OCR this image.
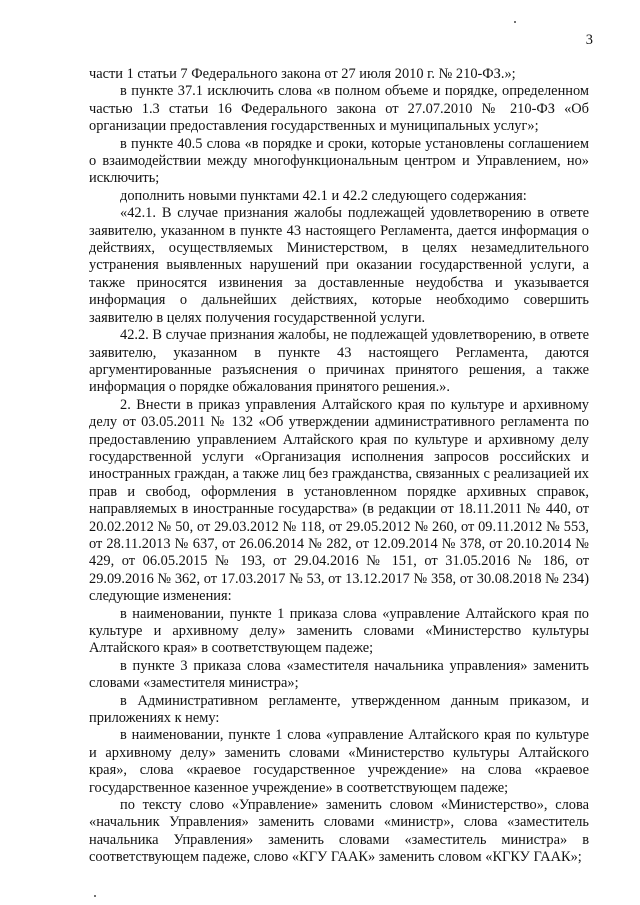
3

части 1 статьи 7 Федерального закона от 27 июля 2010 г. № 210-ФЗ.»;

в пункте 37.1 исключить слова «в полном объеме и порядке, определенном частью 1.3 статьи 16 Федерального закона от 27.07.2010 № 210-ФЗ «Об организации предоставления государственных и муниципальных услуг»;

в пункте 40.5 слова «в порядке и сроки, которые установлены соглашением о взаимодействии между многофункциональным центром и Управлением, но» исключить;

дополнить новыми пунктами 42.1 и 42.2 следующего содержания:

«42.1. В случае признания жалобы подлежащей удовлетворению в ответе заявителю, указанном в пункте 43 настоящего Регламента, дается информация о действиях, осуществляемых Министерством, в целях незамедлительного устранения выявленных нарушений при оказании государственной услуги, а также приносятся извинения за доставленные неудобства и указывается информация о дальнейших действиях, которые необходимо совершить заявителю в целях получения государственной услуги.

42.2. В случае признания жалобы, не подлежащей удовлетворению, в ответе заявителю, указанном в пункте 43 настоящего Регламента, даются аргументированные разъяснения о причинах принятого решения, а также информация о порядке обжалования принятого решения.».

2. Внести в приказ управления Алтайского края по культуре и архивному делу от 03.05.2011 № 132 «Об утверждении административного регламента по предоставлению управлением Алтайского края по культуре и архивному делу государственной услуги «Организация исполнения запросов российских и иностранных граждан, а также лиц без гражданства, связанных с реализацией их прав и свобод, оформления в установленном порядке архивных справок, направляемых в иностранные государства» (в редакции от 18.11.2011 № 440, от 20.02.2012 № 50, от 29.03.2012 № 118, от 29.05.2012 № 260, от 09.11.2012 № 553, от 28.11.2013 № 637, от 26.06.2014 № 282, от 12.09.2014 № 378, от 20.10.2014 № 429, от 06.05.2015 № 193, от 29.04.2016 № 151, от 31.05.2016 № 186, от 29.09.2016 № 362, от 17.03.2017 № 53, от 13.12.2017 № 358, от 30.08.2018 № 234) следующие изменения:

в наименовании, пункте 1 приказа слова «управление Алтайского края по культуре и архивному делу» заменить словами «Министерство культуры Алтайского края» в соответствующем падеже;

в пункте 3 приказа слова «заместителя начальника управления» заменить словами «заместителя министра»;

в Административном регламенте, утвержденном данным приказом, и приложениях к нему:

в наименовании, пункте 1 слова «управление Алтайского края по культуре и архивному делу» заменить словами «Министерство культуры Алтайского края», слова «краевое государственное учреждение» на слова «краевое государственное казенное учреждение» в соответствующем падеже;

по тексту слово «Управление» заменить словом «Министерство», слова «начальник Управления» заменить словами «министр», слова «заместитель начальника Управления» заменить словами «заместитель министра» в соответствующем падеже, слово «КГУ ГААК» заменить словом «КГКУ ГААК»;
